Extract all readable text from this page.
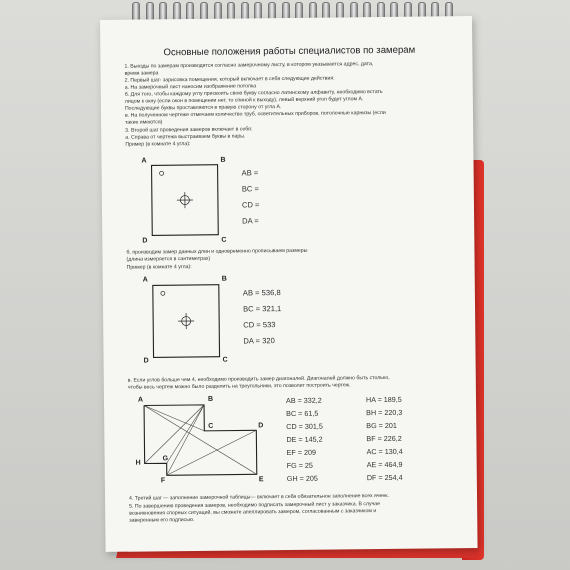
Основные положения работы специалистов по замерам
1. Выезды по замерам производятся согласно замерочному листу, в котором указывается адрес, дата,
время замера
2. Первый шаг- зарисовка помещения, который включает в себя следующие действия:
а. На замерочный лист наносим изображение потолка
б. Для того, чтобы каждому углу присвоить свою букву согласно латинскому алфавиту, необходимо встать
лицом к окну (если окон в помещении нет, то спиной к выходу), левый верхний угол будет углом А.
Последующие буквы проставляются в правую сторону от угла А.
в. На полученном чертеже отмечаем количество труб, осветительных приборов, потолочные карнизы (если
такие имеются)
3. Второй шаг проведения замеров включает в себя:
а. Справа от чертежа выстраиваем буквы в пары.
Пример (в комнате 4 угла):
A	B
C
D
AB =
BC =
CD =
DA =
б. производим замер данных длин и одновременно прописываем размеры
(длина измеряется в сантиметрах)
Пример (в комнате 4 угла):
A	B
C
D
AB = 536,8
BC = 321,1
CD = 533
DA = 320
в. Если углов больше чем 4, необходимо производить замер диагоналей. Диагоналей должно быть столько,
чтобы весь чертеж можно было разделить на треугольники, это позволит построить чертеж.
A	B
C	D
E
F
G
H
AB = 332,2
BC = 61,5
CD = 301,5
DE = 145,2
EF = 209
FG = 25
GH = 205
HA = 189,5
BH = 220,3
BG = 201
BF = 226,2
AC = 130,4
AE = 464,9
DF = 254,4
4. Третий шаг — заполнение замерочной таблицы— включает в себя обязательное заполнение всех ячеек.
5. По завершению проведения замеров, необходимо подписать замерочный лист у заказчика. В случае
возникновения спорных ситуаций, вы сможете апеллировать замером, согласованным с заказчиком и
заверенным его подписью.
